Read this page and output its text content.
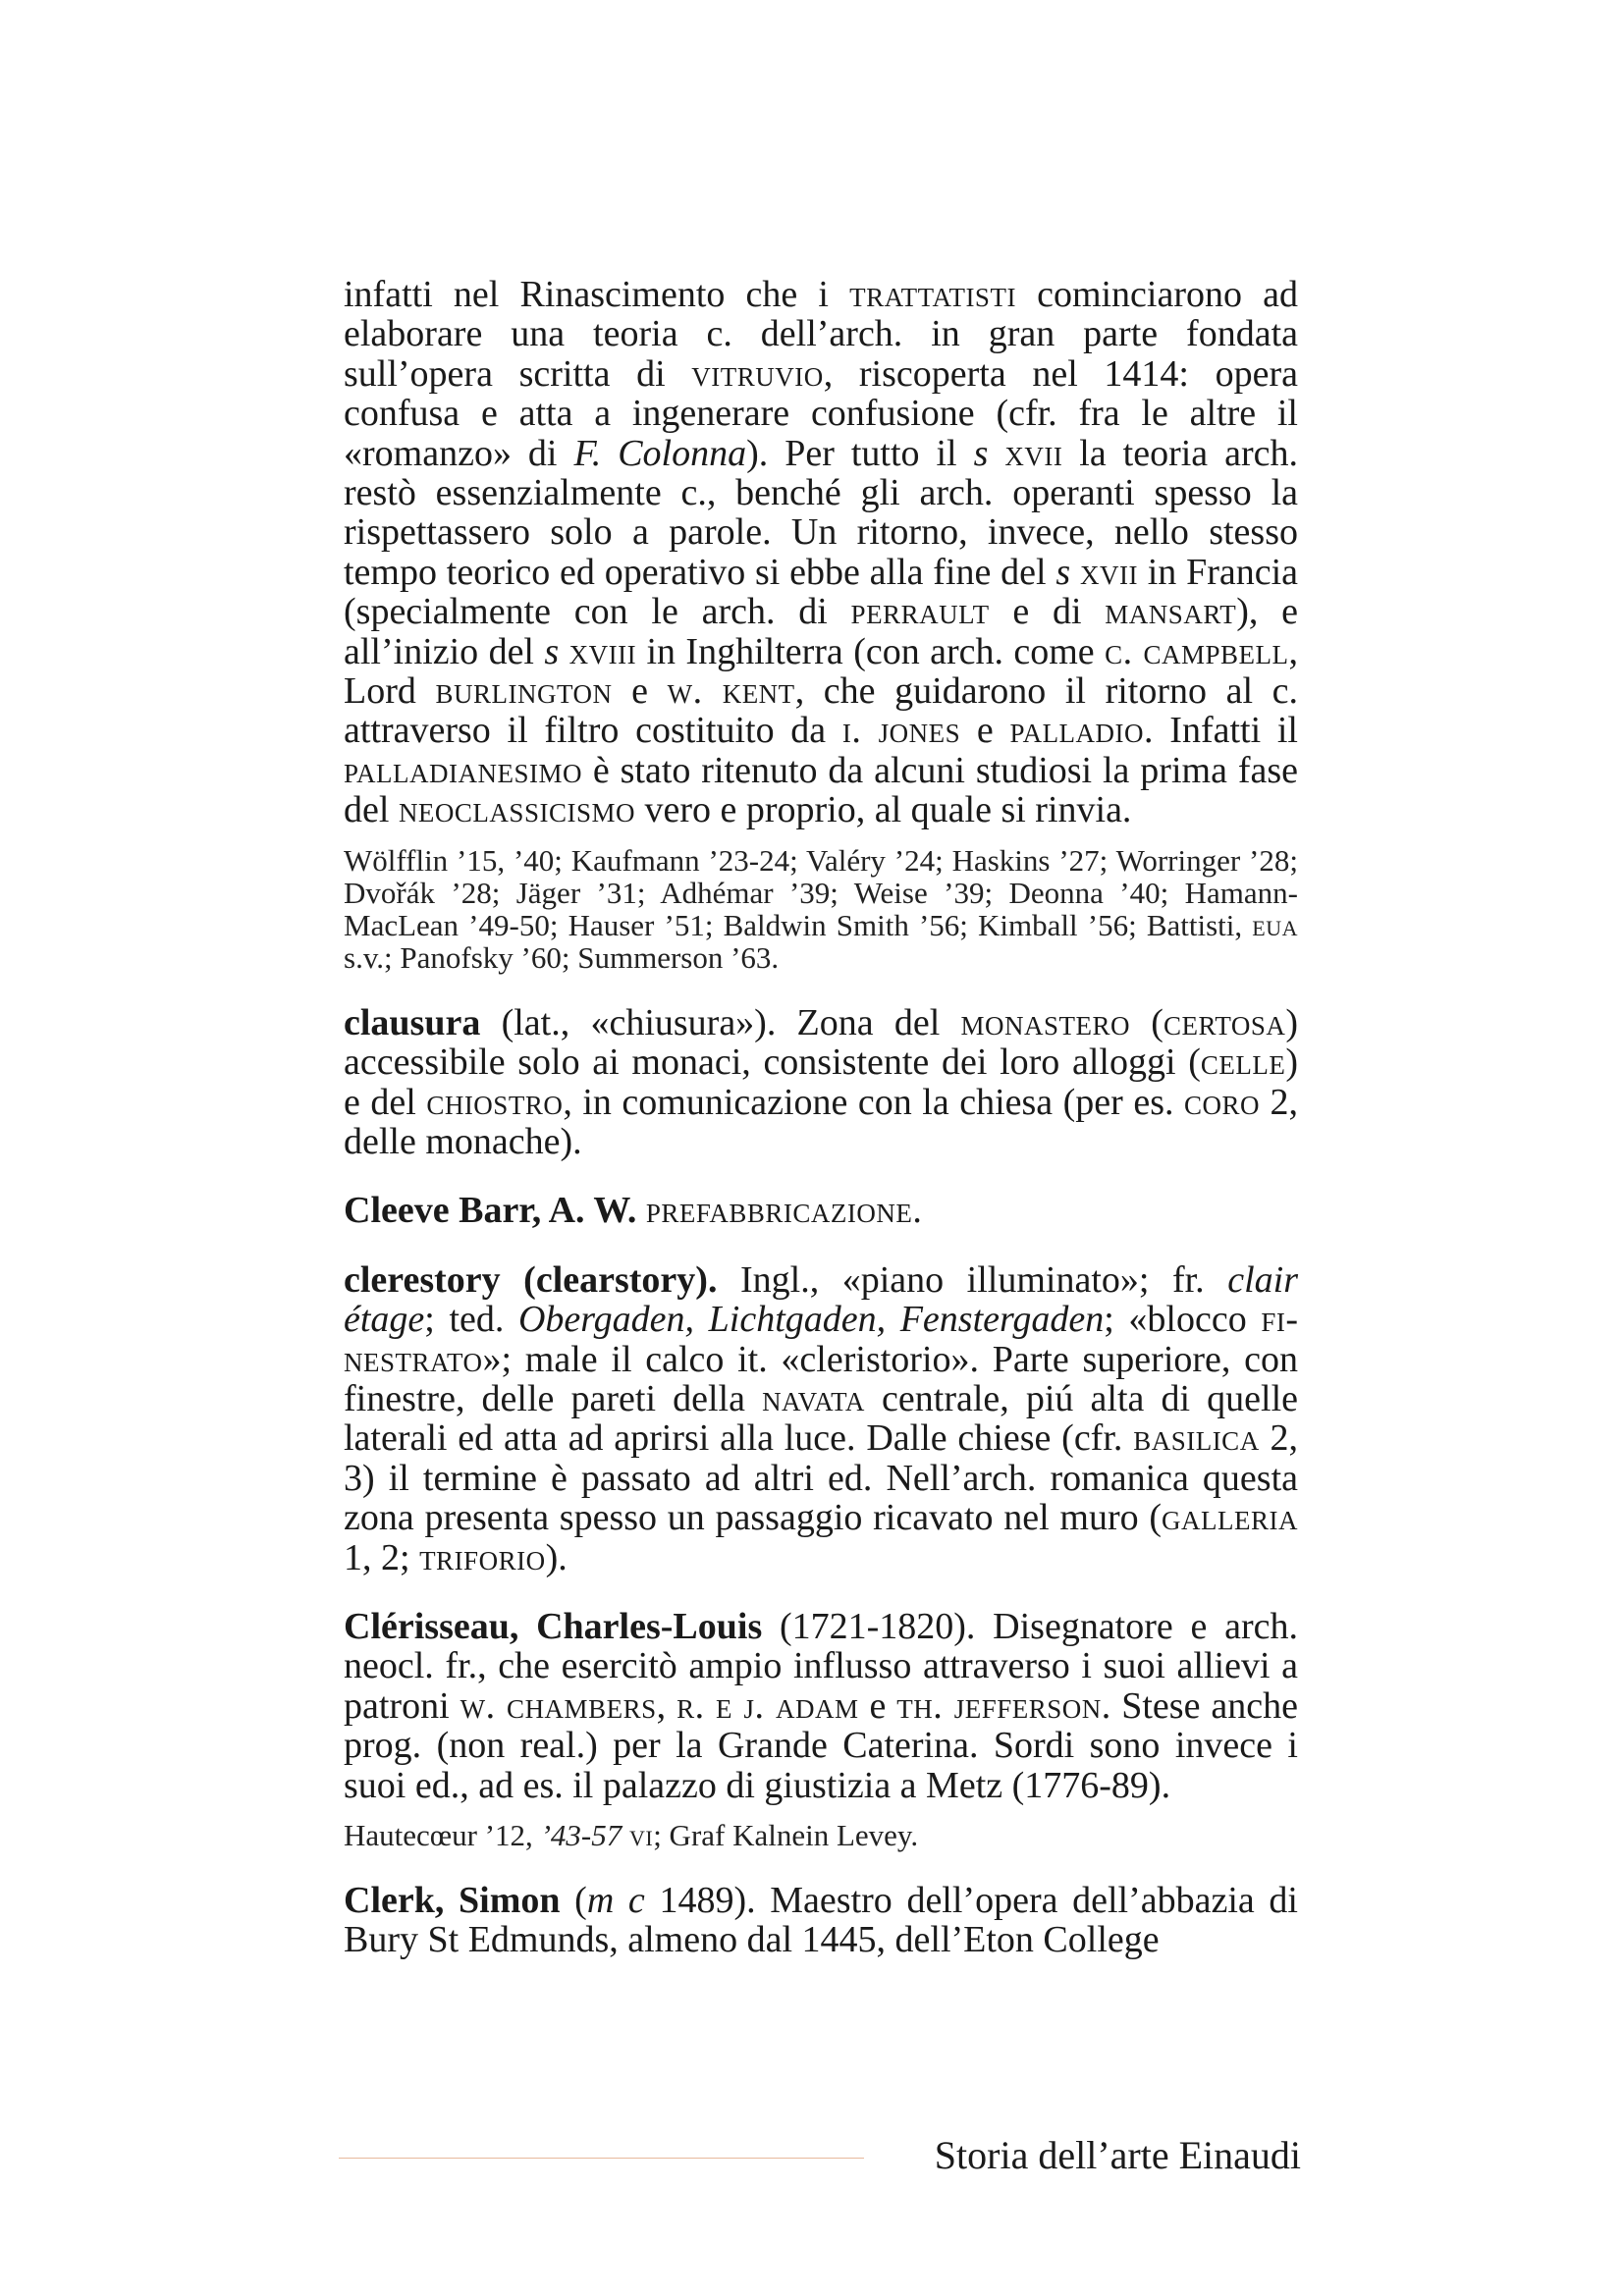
infatti nel Rinascimento che i trattatisti cominciarono ad elaborare una teoria c. dell’arch. in gran parte fondata sull’opera scritta di vitruvio, riscoperta nel 1414: opera confusa e atta a ingenerare confusione (cfr. fra le altre il «romanzo» di F. Colonna). Per tutto il s xvii la teoria arch. restò essenzialmente c., benché gli arch. operanti spesso la rispettassero solo a parole. Un ritorno, invece, nello stesso tempo teorico ed operativo si ebbe alla fine del s xvii in Francia (specialmente con le arch. di perrault e di mansart), e all’inizio del s xviii in Inghilterra (con arch. come c. campbell, Lord burlington e w. kent, che guidarono il ritorno al c. attraverso il filtro costituito da i. jones e palladio. Infatti il palladianesimo è stato ritenuto da alcuni studiosi la prima fase del neoclassicismo vero e proprio, al quale si rinvia.

Wölfflin ’15, ’40; Kaufmann ’23-24; Valéry ’24; Haskins ’27; Worringer ’28; Dvořák ’28; Jäger ’31; Adhémar ’39; Weise ’39; Deonna ’40; Hamann-MacLean ’49-50; Hauser ’51; Baldwin Smith ’56; Kimball ’56; Battisti, eua s.v.; Panofsky ’60; Summerson ’63.

clausura (lat., «chiusura»). Zona del monastero (certosa) accessibile solo ai monaci, consistente dei loro alloggi (celle) e del chiostro, in comunicazione con la chiesa (per es. coro 2, delle monache).

Cleeve Barr, A. W. prefabbricazione.

clerestory (clearstory). Ingl., «piano illuminato»; fr. clair étage; ted. Obergaden, Lichtgaden, Fenstergaden; «blocco finestrato»; male il calco it. «cleristorio». Parte superiore, con finestre, delle pareti della navata centrale, piú alta di quelle laterali ed atta ad aprirsi alla luce. Dalle chiese (cfr. basilica 2, 3) il termine è passato ad altri ed. Nell’arch. romanica questa zona presenta spesso un passaggio ricavato nel muro (galleria 1, 2; triforio).

Clérisseau, Charles-Louis (1721-1820). Disegnatore e arch. neocl. fr., che esercitò ampio influsso attraverso i suoi allievi a patroni w. chambers, r. e j. adam e th. jefferson. Stese anche prog. (non real.) per la Grande Caterina. Sordi sono invece i suoi ed., ad es. il palazzo di giustizia a Metz (1776-89).

Hautecœur ’12, ’43-57 vi; Graf Kalnein Levey.

Clerk, Simon (m c 1489). Maestro dell’opera dell’abbazia di Bury St Edmunds, almeno dal 1445, dell’Eton College

Storia dell’arte Einaudi
